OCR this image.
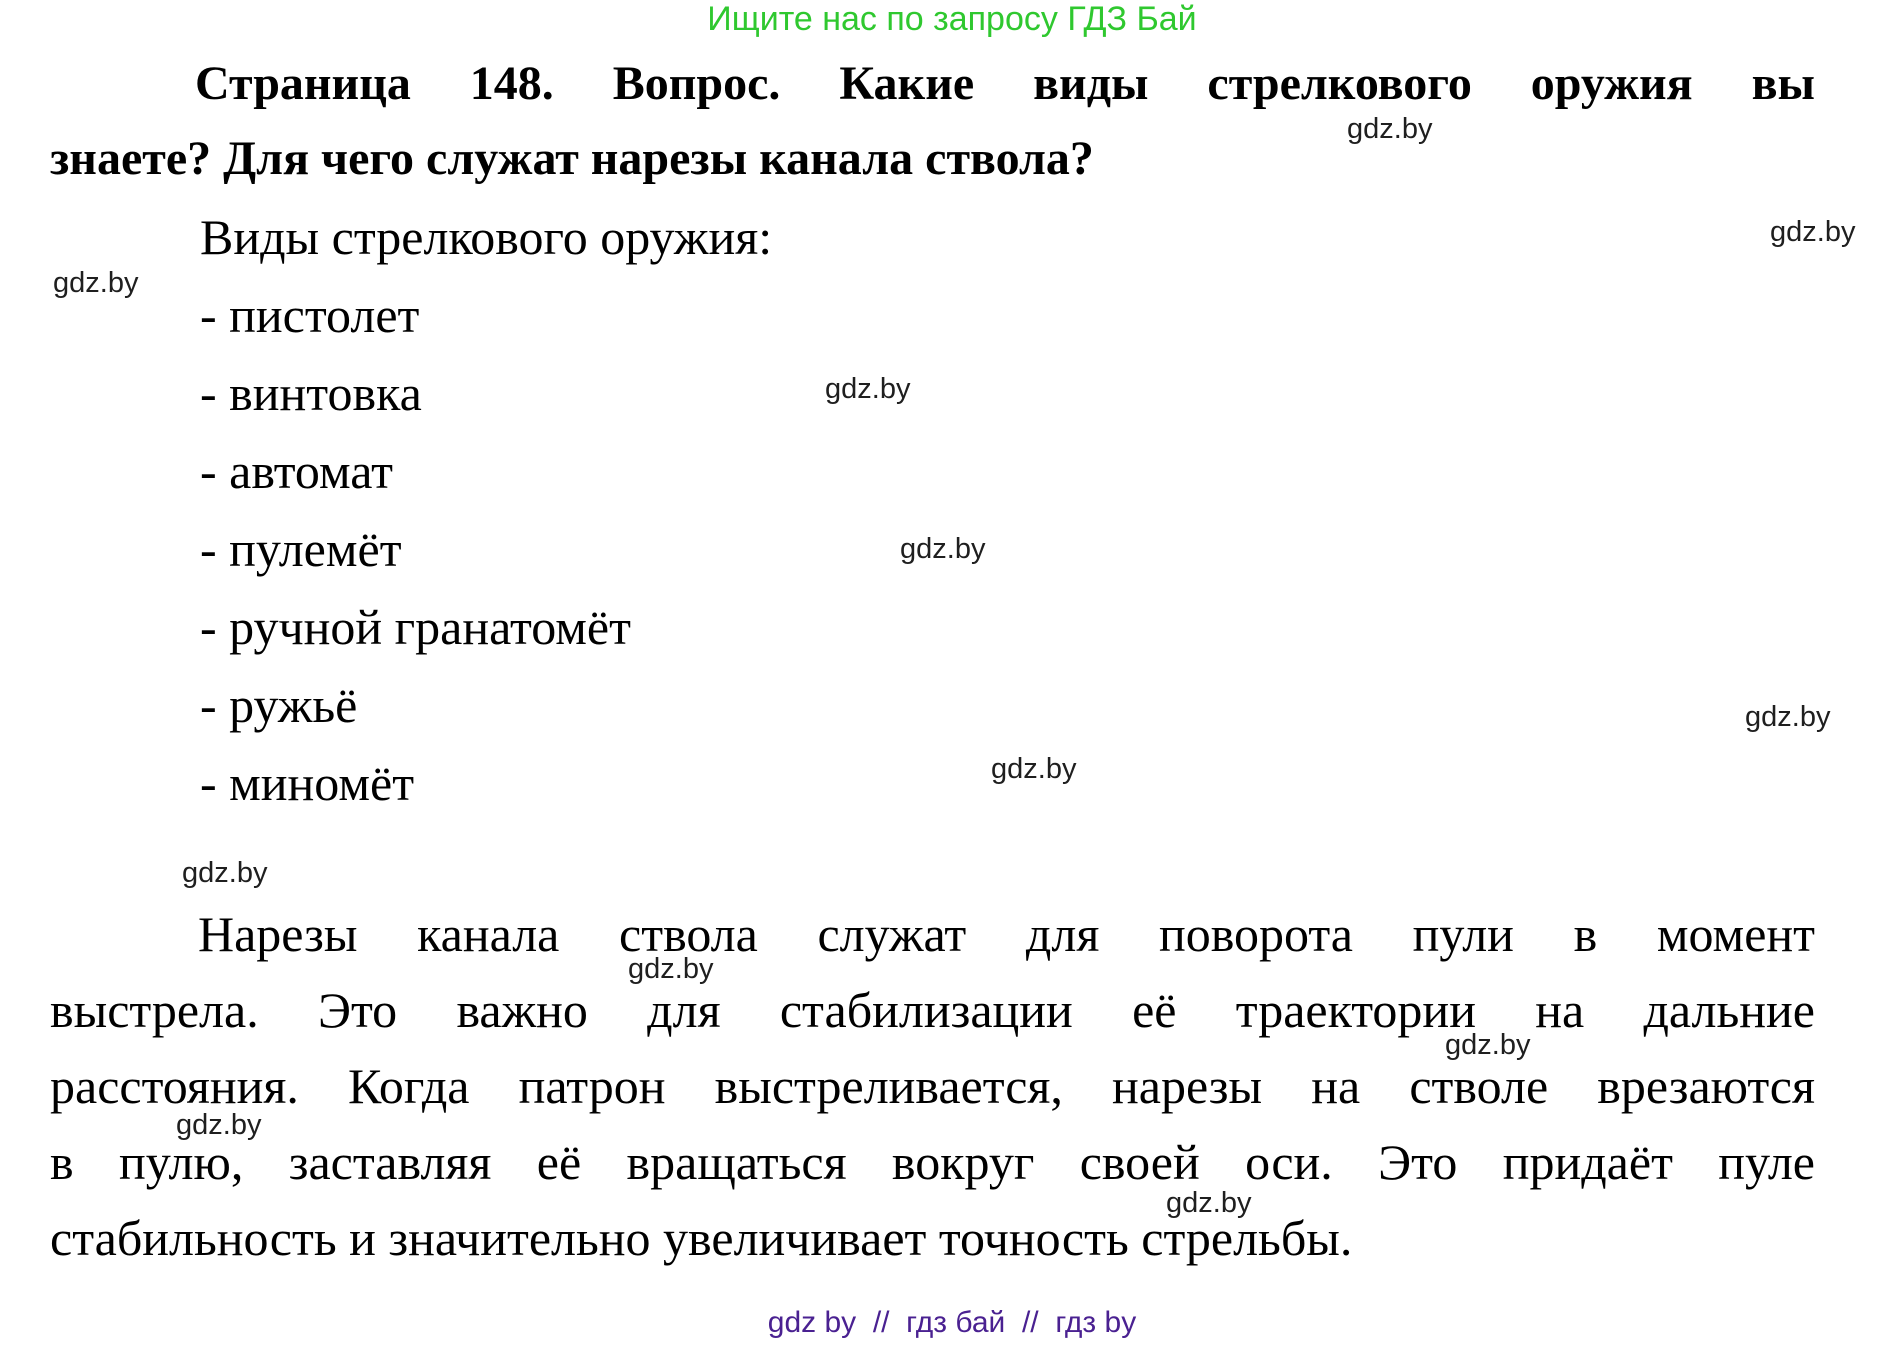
Ищите нас по запросу ГДЗ Бай
Страница 148. Вопрос. Какие виды стрелкового оружия вы
знаете? Для чего служат нарезы канала ствола?
Виды стрелкового оружия:
- пистолет
- винтовка
- автомат
- пулемёт
- ручной гранатомёт
- ружьё
- миномёт
Нарезы канала ствола служат для поворота пули в момент
выстрела. Это важно для стабилизации её траектории на дальние
расстояния. Когда патрон выстреливается, нарезы на стволе врезаются
в пулю, заставляя её вращаться вокруг своей оси. Это придаёт пуле
стабильность и значительно увеличивает точность стрельбы.
gdz.by
gdz.by
gdz.by
gdz.by
gdz.by
gdz.by
gdz.by
gdz.by
gdz.by
gdz.by
gdz.by
gdz.by
gdz by  //  гдз бай  //  гдз by
